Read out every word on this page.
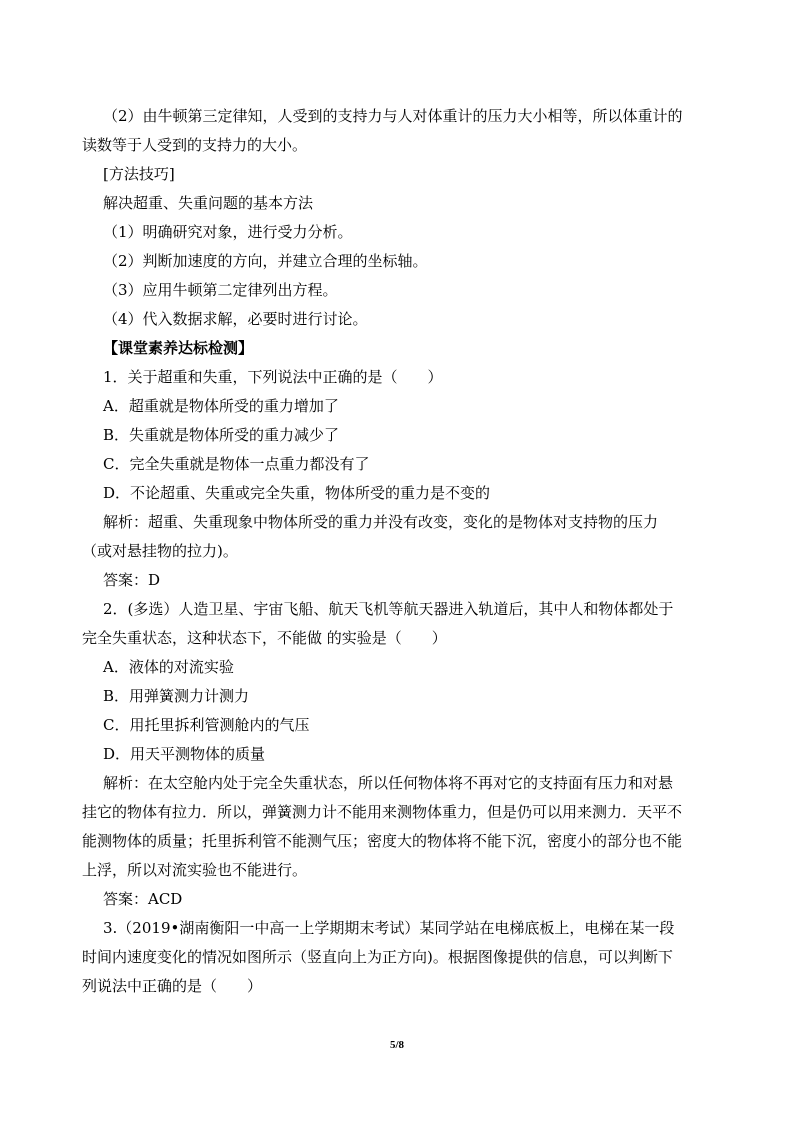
（2）由牛顿第三定律知，人受到的支持力与人对体重计的压力大小相等，所以体重计的
读数等于人受到的支持力的大小。
[方法技巧]
解决超重、失重问题的基本方法
（1）明确研究对象，进行受力分析。
（2）判断加速度的方向，并建立合理的坐标轴。
（3）应用牛顿第二定律列出方程。
（4）代入数据求解，必要时进行讨论。
【课堂素养达标检测】
1．关于超重和失重，下列说法中正确的是（　　）
A．超重就是物体所受的重力增加了
B．失重就是物体所受的重力减少了
C．完全失重就是物体一点重力都没有了
D．不论超重、失重或完全失重，物体所受的重力是不变的
解析：超重、失重现象中物体所受的重力并没有改变，变化的是物体对支持物的压力
（或对悬挂物的拉力)。
答案：D
2．(多选）人造卫星、宇宙飞船、航天飞机等航天器进入轨道后，其中人和物体都处于
完全失重状态，这种状态下，不能做 的实验是（　　）
A．液体的对流实验
B．用弹簧测力计测力
C．用托里拆利管测舱内的气压
D．用天平测物体的质量
解析：在太空舱内处于完全失重状态，所以任何物体将不再对它的支持面有压力和对悬
挂它的物体有拉力．所以，弹簧测力计不能用来测物体重力，但是仍可以用来测力．天平不
能测物体的质量；托里拆利管不能测气压；密度大的物体将不能下沉，密度小的部分也不能
上浮，所以对流实验也不能进行。
答案：ACD
3.（2019•湖南衡阳一中高一上学期期末考试）某同学站在电梯底板上，电梯在某一段
时间内速度变化的情况如图所示（竖直向上为正方向)。根据图像提供的信息，可以判断下
列说法中正确的是（　　）
5/8
